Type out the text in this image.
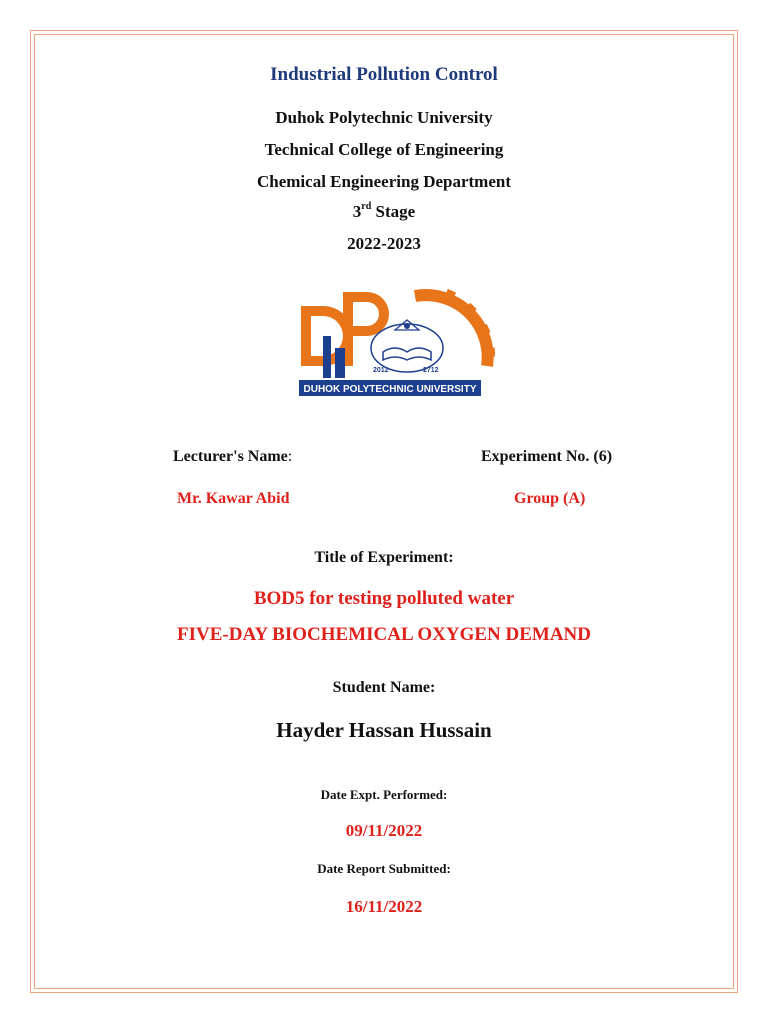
Industrial Pollution Control
Duhok Polytechnic University
Technical College of Engineering
Chemical Engineering Department
3rd Stage
2022-2023
2012	2712
DUHOK POLYTECHNIC UNIVERSITY
Lecturer's Name:	Experiment No. (6)
Mr. Kawar Abid	Group (A)
Title of Experiment:
BOD5 for testing polluted water
FIVE-DAY BIOCHEMICAL OXYGEN DEMAND
Student Name:
Hayder Hassan Hussain
Date Expt. Performed:
09/11/2022
Date Report Submitted:
16/11/2022
